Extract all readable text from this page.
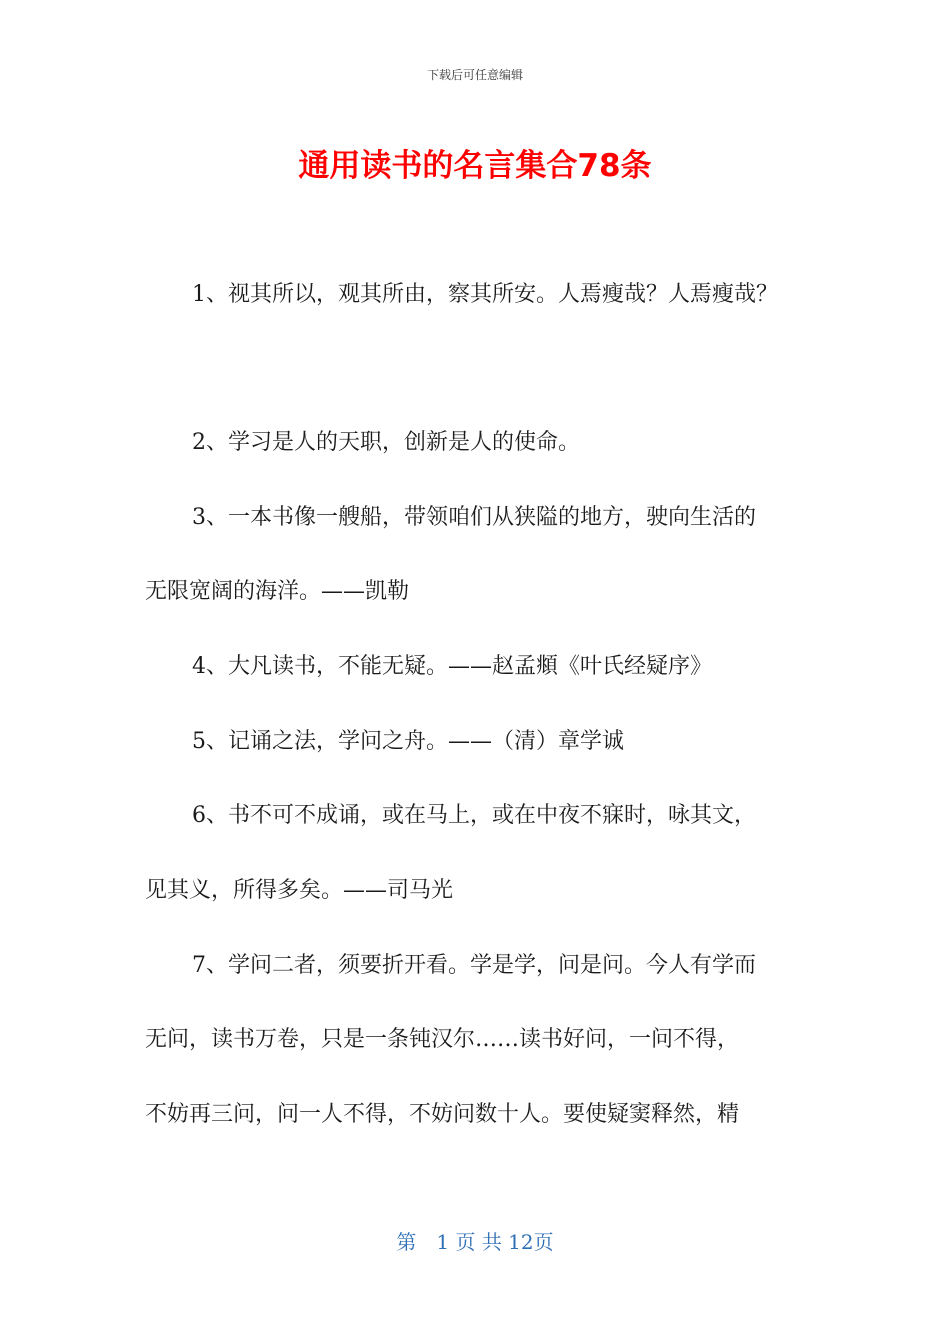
下载后可任意编辑
通用读书的名言集合78条
1、视其所以，观其所由，察其所安。人焉瘦哉？人焉瘦哉？
2、学习是人的天职，创新是人的使命。
3、一本书像一艘船，带领咱们从狭隘的地方，驶向生活的
无限宽阔的海洋。——凯勒
4、大凡读书，不能无疑。——赵孟頫《叶氏经疑序》
5、记诵之法，学问之舟。——（清）章学诚
6、书不可不成诵，或在马上，或在中夜不寐时，咏其文，
见其义，所得多矣。——司马光
7、学问二者，须要折开看。学是学，问是问。今人有学而
无问，读书万卷，只是一条钝汉尔……读书好问，一问不得，
不妨再三问，问一人不得，不妨问数十人。要使疑窦释然，精
第　1 页 共 12页
